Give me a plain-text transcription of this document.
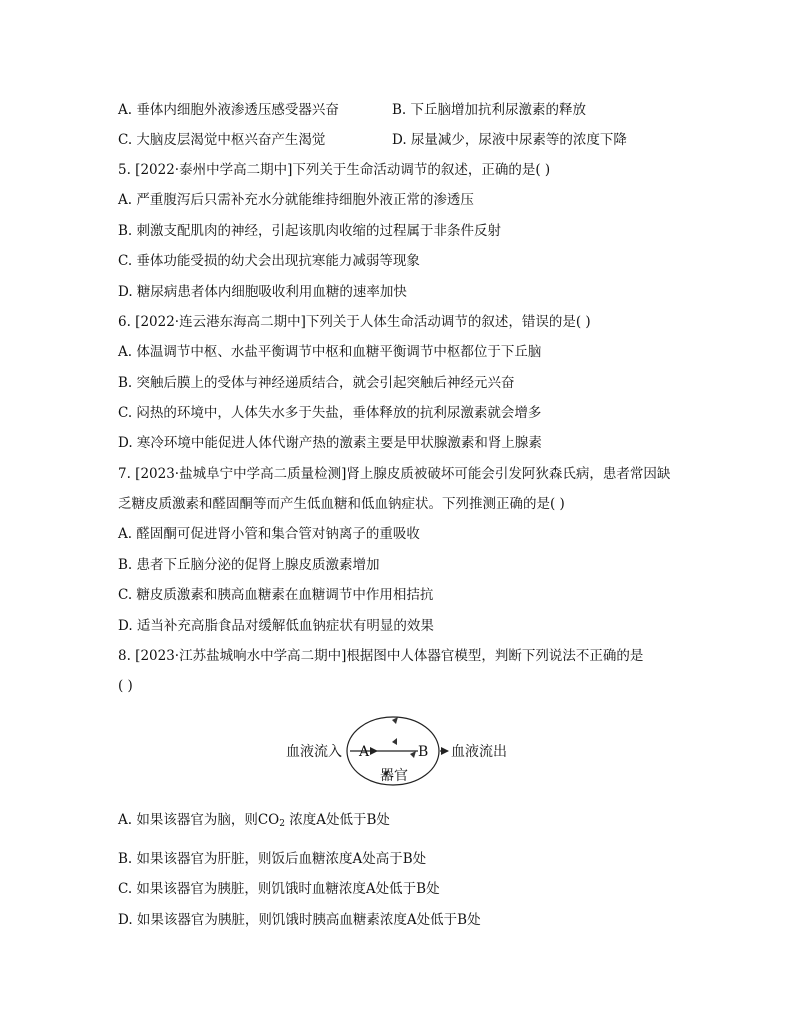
A. 垂体内细胞外液渗透压感受器兴奋	B. 下丘脑增加抗利尿激素的释放
C. 大脑皮层渴觉中枢兴奋产生渴觉	D. 尿量减少，尿液中尿素等的浓度下降
5. [2022·泰州中学高二期中]下列关于生命活动调节的叙述，正确的是( )
A. 严重腹泻后只需补充水分就能维持细胞外液正常的渗透压
B. 刺激支配肌肉的神经，引起该肌肉收缩的过程属于非条件反射
C. 垂体功能受损的幼犬会出现抗寒能力减弱等现象
D. 糖尿病患者体内细胞吸收利用血糖的速率加快
6. [2022·连云港东海高二期中]下列关于人体生命活动调节的叙述，错误的是( )
A. 体温调节中枢、水盐平衡调节中枢和血糖平衡调节中枢都位于下丘脑
B. 突触后膜上的受体与神经递质结合，就会引起突触后神经元兴奋
C. 闷热的环境中，人体失水多于失盐，垂体释放的抗利尿激素就会增多
D. 寒冷环境中能促进人体代谢产热的激素主要是甲状腺激素和肾上腺素
7. [2023·盐城阜宁中学高二质量检测]肾上腺皮质被破坏可能会引发阿狄森氏病，患者常因缺
乏糖皮质激素和醛固酮等而产生低血糖和低血钠症状。下列推测正确的是( )
A. 醛固酮可促进肾小管和集合管对钠离子的重吸收
B. 患者下丘脑分泌的促肾上腺皮质激素增加
C. 糖皮质激素和胰高血糖素在血糖调节中作用相拮抗
D. 适当补充高脂食品对缓解低血钠症状有明显的效果
8. [2023·江苏盐城响水中学高二期中]根据图中人体器官模型，判断下列说法不正确的是
( )
血液流入 A	B 血液流出
器官
A. 如果该器官为脑，则$CO_2$ 浓度A处低于B处
B. 如果该器官为肝脏，则饭后血糖浓度A处高于B处
C. 如果该器官为胰脏，则饥饿时血糖浓度A处低于B处
D. 如果该器官为胰脏，则饥饿时胰高血糖素浓度A处低于B处
